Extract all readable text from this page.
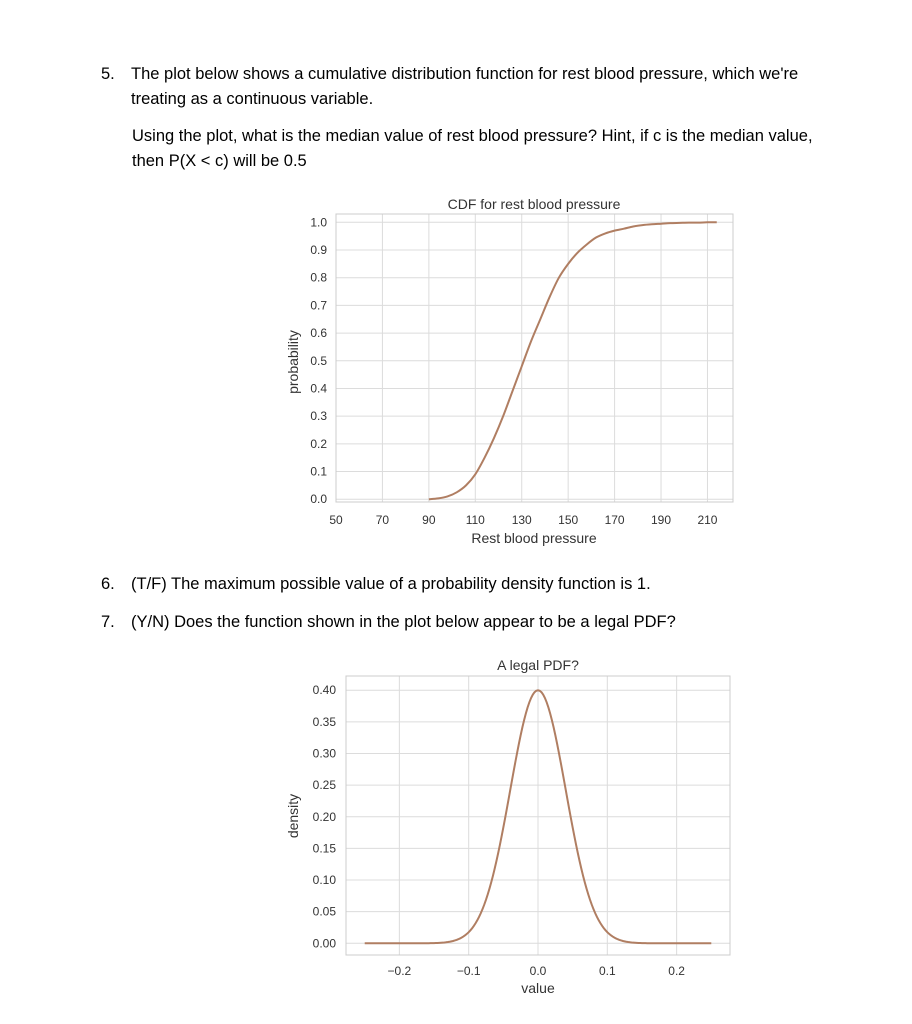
5. The plot below shows a cumulative distribution function for rest blood pressure, which we're
treating as a continuous variable.
Using the plot, what is the median value of rest blood pressure? Hint, if c is the median value,
then P(X < c) will be 0.5
0.0
0.1
0.2
0.3
0.4
0.5
0.6
0.7
0.8
0.9
1.0
50	70	90	110 130 150 170 190 210
CDF for rest blood pressure
Rest blood pressure
probability
6. (T/F) The maximum possible value of a probability density function is 1.
7. (Y/N) Does the function shown in the plot below appear to be a legal PDF?
0.00
0.05
0.10
0.15
0.20
0.25
0.30
0.35
0.40
−0.2	−0.1	0.0	0.1	0.2
A legal PDF?
value
density
